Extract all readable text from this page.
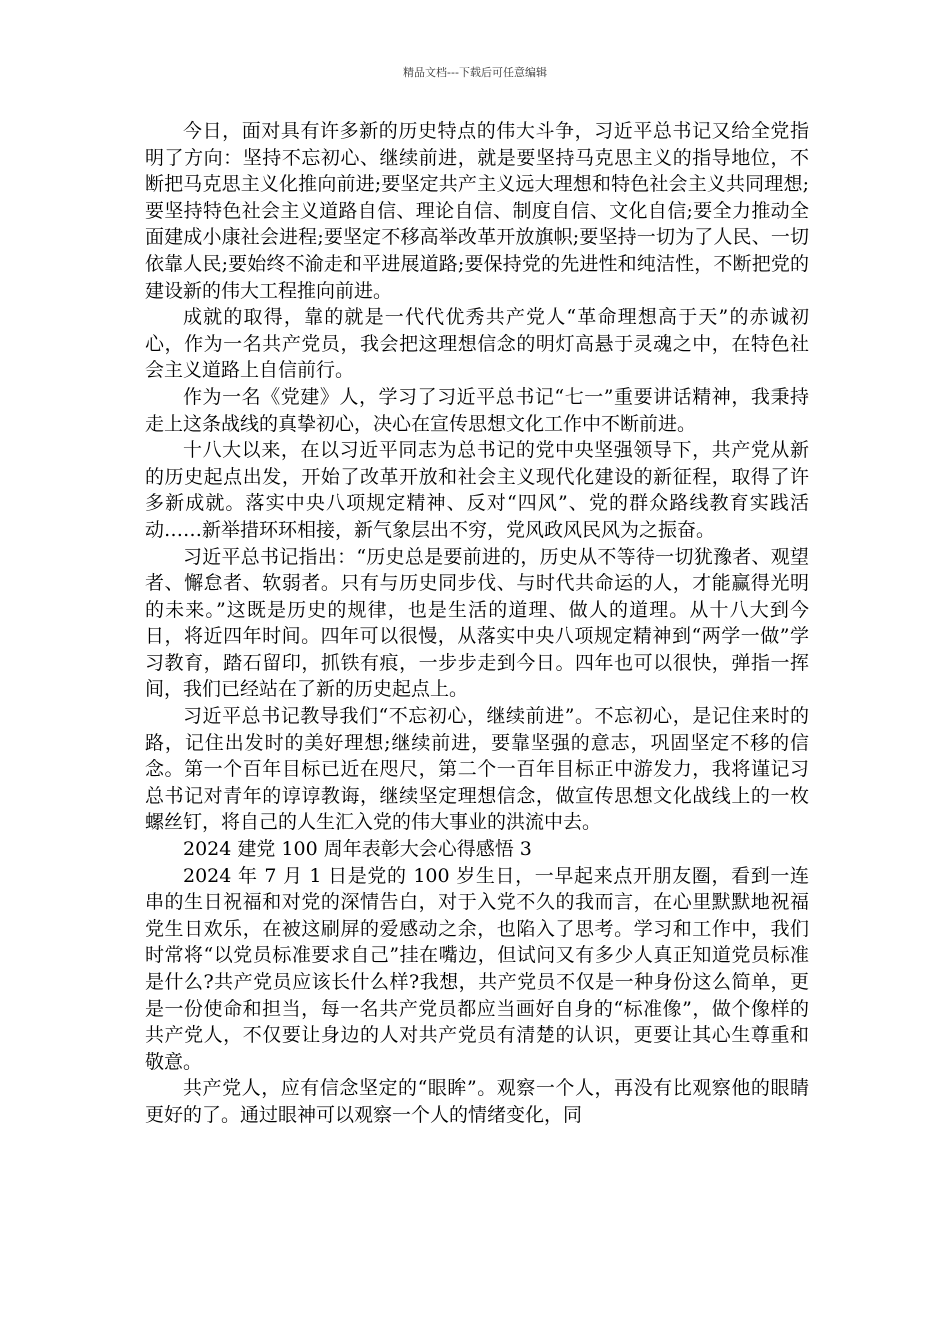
精品文档---下载后可任意编辑

今日，面对具有许多新的历史特点的伟大斗争，习近平总书记又给全党指明了方向：坚持不忘初心、继续前进，就是要坚持马克思主义的指导地位，不断把马克思主义化推向前进;要坚定共产主义远大理想和特色社会主义共同理想;要坚持特色社会主义道路自信、理论自信、制度自信、文化自信;要全力推动全面建成小康社会进程;要坚定不移高举改革开放旗帜;要坚持一切为了人民、一切依靠人民;要始终不渝走和平进展道路;要保持党的先进性和纯洁性，不断把党的建设新的伟大工程推向前进。

成就的取得，靠的就是一代代优秀共产党人“革命理想高于天”的赤诚初心，作为一名共产党员，我会把这理想信念的明灯高悬于灵魂之中，在特色社会主义道路上自信前行。

作为一名《党建》人，学习了习近平总书记“七一”重要讲话精神，我秉持走上这条战线的真挚初心，决心在宣传思想文化工作中不断前进。

十八大以来，在以习近平同志为总书记的党中央坚强领导下，共产党从新的历史起点出发，开始了改革开放和社会主义现代化建设的新征程，取得了许多新成就。落实中央八项规定精神、反对“四风”、党的群众路线教育实践活动……新举措环环相接，新气象层出不穷，党风政风民风为之振奋。

习近平总书记指出：“历史总是要前进的，历史从不等待一切犹豫者、观望者、懈怠者、软弱者。只有与历史同步伐、与时代共命运的人，才能赢得光明的未来。”这既是历史的规律，也是生活的道理、做人的道理。从十八大到今日，将近四年时间。四年可以很慢，从落实中央八项规定精神到“两学一做”学习教育，踏石留印，抓铁有痕，一步步走到今日。四年也可以很快，弹指一挥间，我们已经站在了新的历史起点上。

习近平总书记教导我们“不忘初心，继续前进”。不忘初心，是记住来时的路，记住出发时的美好理想;继续前进，要靠坚强的意志，巩固坚定不移的信念。第一个百年目标已近在咫尺，第二个一百年目标正中游发力，我将谨记习总书记对青年的谆谆教诲，继续坚定理想信念，做宣传思想文化战线上的一枚螺丝钉，将自己的人生汇入党的伟大事业的洪流中去。

2024 建党 100 周年表彰大会心得感悟 3

2024 年 7 月 1 日是党的 100 岁生日，一早起来点开朋友圈，看到一连串的生日祝福和对党的深情告白，对于入党不久的我而言，在心里默默地祝福党生日欢乐，在被这刷屏的爱感动之余，也陷入了思考。学习和工作中，我们时常将“以党员标准要求自己”挂在嘴边，但试问又有多少人真正知道党员标准是什么?共产党员应该长什么样?我想，共产党员不仅是一种身份这么简单，更是一份使命和担当，每一名共产党员都应当画好自身的“标准像”，做个像样的共产党人，不仅要让身边的人对共产党员有清楚的认识，更要让其心生尊重和敬意。

共产党人，应有信念坚定的“眼眸”。观察一个人，再没有比观察他的眼睛更好的了。通过眼神可以观察一个人的情绪变化，同
